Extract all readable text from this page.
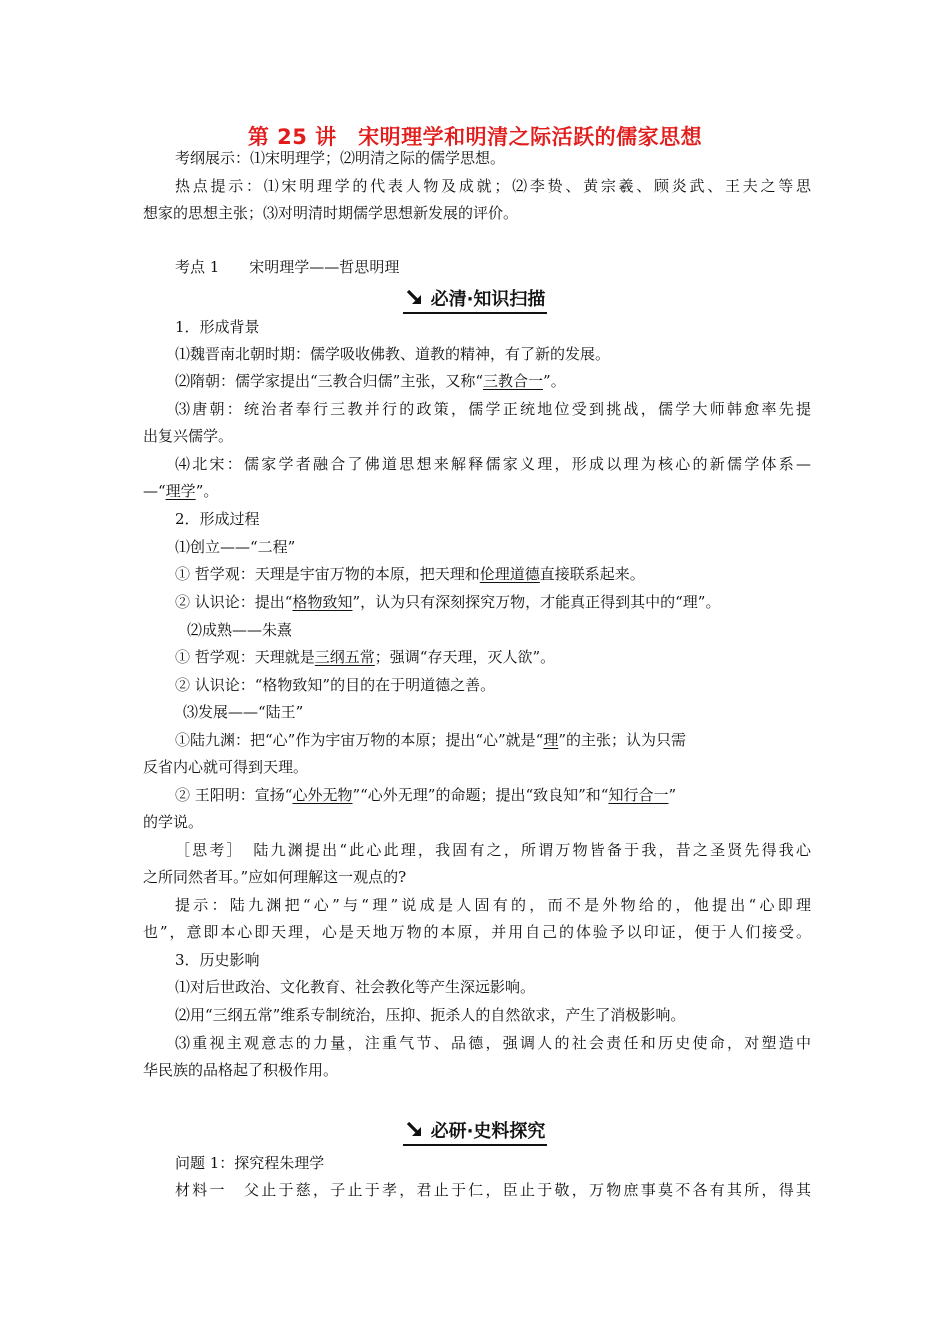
第 25 讲　宋明理学和明清之际活跃的儒家思想
考纲展示：⑴宋明理学；⑵明清之际的儒学思想。
热点提示：⑴宋明理学的代表人物及成就；⑵李贽、黄宗羲、顾炎武、王夫之等思
想家的思想主张；⑶对明清时期儒学思想新发展的评价。
考点 1　　宋明理学——哲思明理
必清·知识扫描
1．形成背景
⑴魏晋南北朝时期：儒学吸收佛教、道教的精神，有了新的发展。
⑵隋朝：儒学家提出“三教合归儒”主张，又称“三教合一”。
⑶唐朝：统治者奉行三教并行的政策，儒学正统地位受到挑战，儒学大师韩愈率先提
出复兴儒学。
⑷北宋：儒家学者融合了佛道思想来解释儒家义理，形成以理为核心的新儒学体系—
—“理学”。
2．形成过程
⑴创立——“二程”
① 哲学观：天理是宇宙万物的本原，把天理和伦理道德直接联系起来。
② 认识论：提出“格物致知”，认为只有深刻探究万物，才能真正得到其中的“理”。
⑵成熟——朱熹
① 哲学观：天理就是三纲五常；强调“存天理，灭人欲”。
② 认识论：“格物致知”的目的在于明道德之善。
⑶发展——“陆王”
①陆九渊：把“心”作为宇宙万物的本原；提出“心”就是“理”的主张；认为只需
反省内心就可得到天理。
② 王阳明：宣扬“心外无物”“心外无理”的命题；提出“致良知”和“知行合一”
的学说。
［思考］　陆九渊提出“此心此理，我固有之，所谓万物皆备于我，昔之圣贤先得我心
之所同然者耳。”应如何理解这一观点的?
提示：陆九渊把“心”与“理”说成是人固有的，而不是外物给的，他提出“心即理
也”，意即本心即天理，心是天地万物的本原，并用自己的体验予以印证，便于人们接受。
3．历史影响
⑴对后世政治、文化教育、社会教化等产生深远影响。
⑵用“三纲五常”维系专制统治，压抑、扼杀人的自然欲求，产生了消极影响。
⑶重视主观意志的力量，注重气节、品德，强调人的社会责任和历史使命，对塑造中
华民族的品格起了积极作用。
必研·史料探究
问题 1：探究程朱理学
材料一　父止于慈，子止于孝，君止于仁，臣止于敬，万物庶事莫不各有其所，得其
